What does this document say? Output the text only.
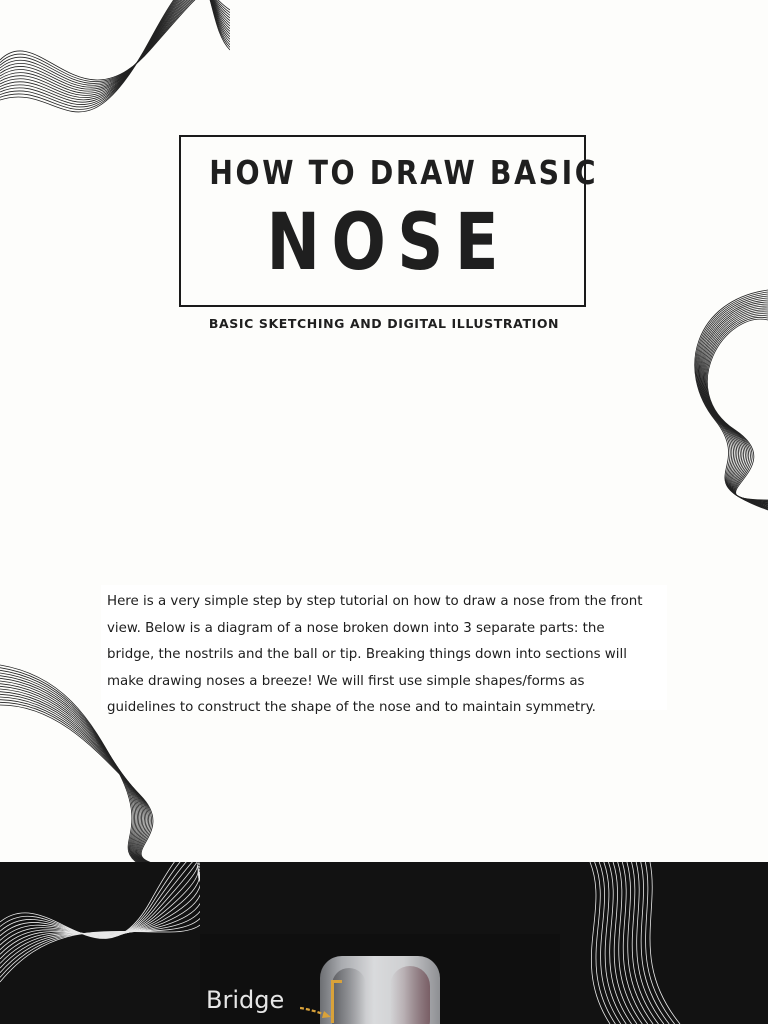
HOW TO DRAW BASIC
NOSE
BASIC SKETCHING AND DIGITAL ILLUSTRATION

Here is a very simple step by step tutorial on how to draw a nose from the front

view. Below is a diagram of a nose broken down into 3 separate parts: the

bridge, the nostrils and the ball or tip. Breaking things down into sections will

make drawing noses a breeze! We will first use simple shapes/forms as

guidelines to construct the shape of the nose and to maintain symmetry.

Bridge
